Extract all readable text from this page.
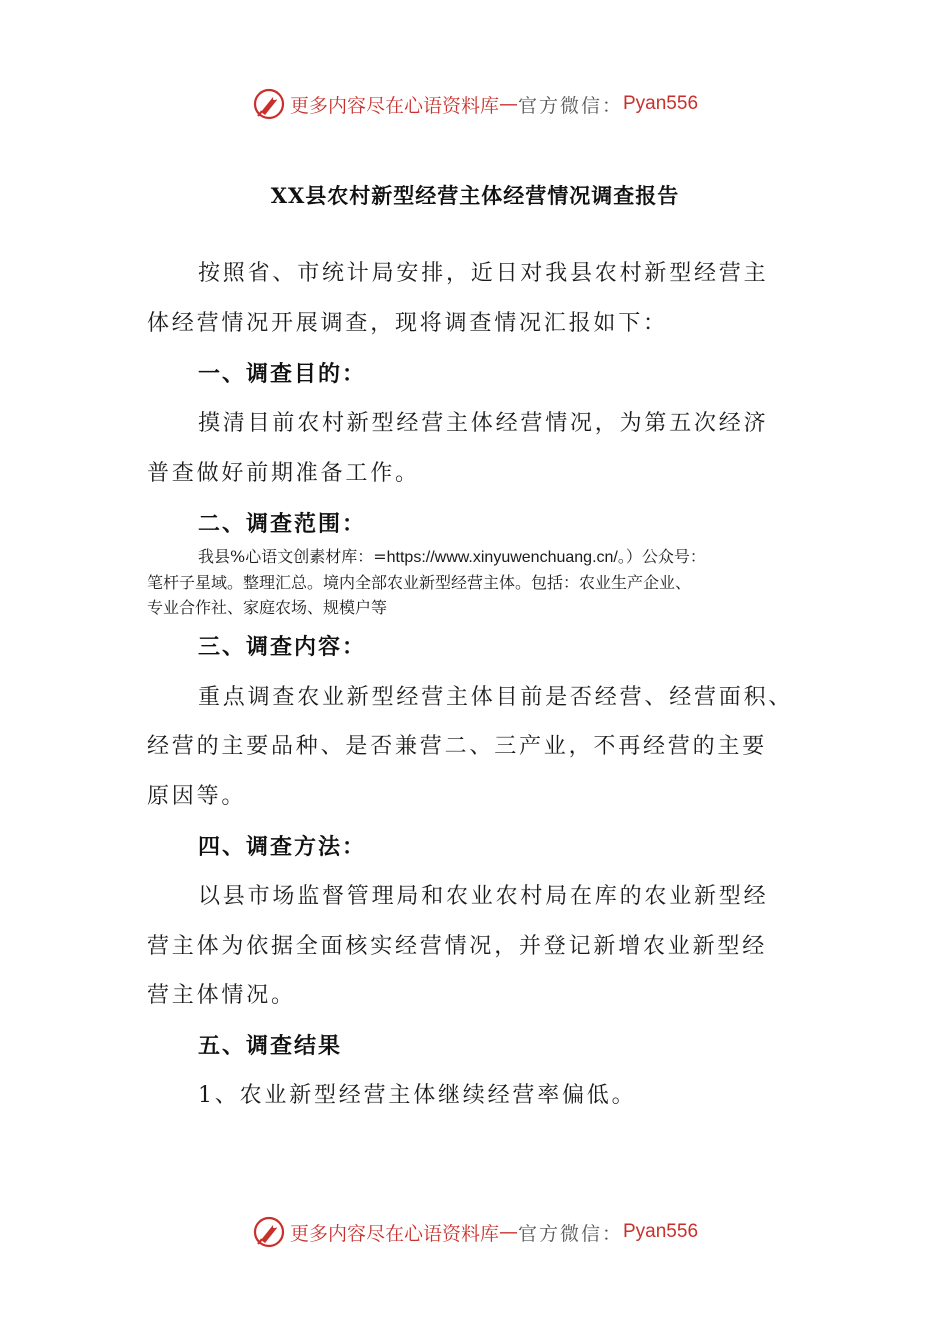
更多内容尽在心语资料库 — 官方微信： Pyan556
XX县农村新型经营主体经营情况调查报告
按照省、市统计局安排，近日对我县农村新型经营主
体经营情况开展调查，现将调查情况汇报如下：
一、调查目的：
摸清目前农村新型经营主体经营情况，为第五次经济
普查做好前期准备工作。
二、调查范围：
我县%心语文创素材库：=https://www.xinyuwenchuang.cn/。）公众号：
笔杆子星域。整理汇总。境内全部农业新型经营主体。包括：农业生产企业、
专业合作社、家庭农场、规模户等
三、调查内容：
重点调查农业新型经营主体目前是否经营、经营面积、
经营的主要品种、是否兼营二、三产业，不再经营的主要
原因等。
四、调查方法：
以县市场监督管理局和农业农村局在库的农业新型经
营主体为依据全面核实经营情况，并登记新增农业新型经
营主体情况。
五、调查结果
1、农业新型经营主体继续经营率偏低。
更多内容尽在心语资料库 — 官方微信： Pyan556
